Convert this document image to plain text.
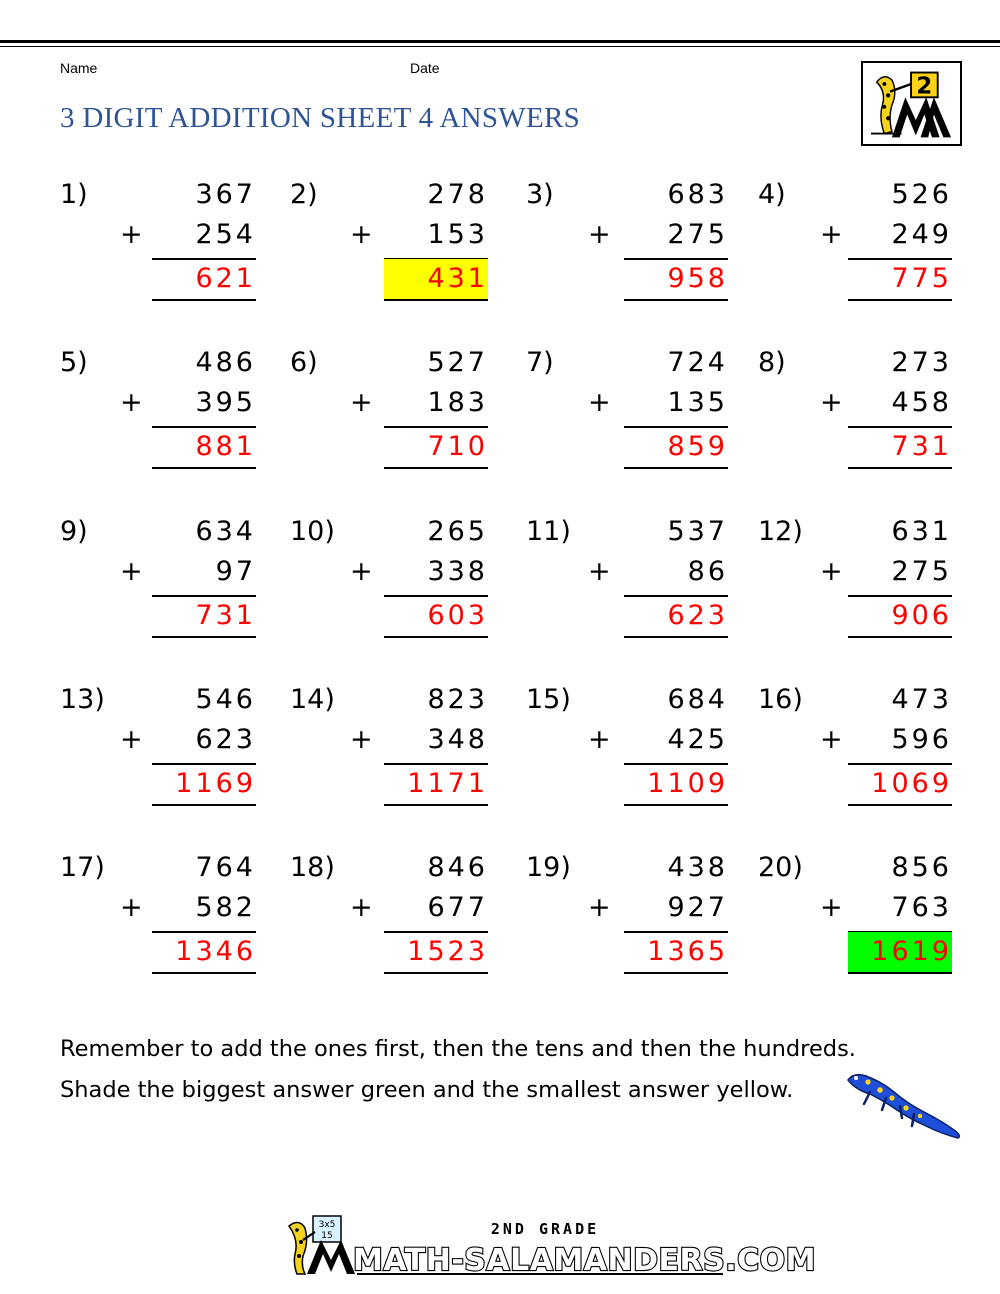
Name	Date
3 DIGIT ADDITION SHEET 4 ANSWERS
2
1)	367
+	254
621
2)	278
+	153
431
3)	683
+	275
958
4)	526
+	249
775
5)	486
+	395
881
6)	527
+	183
710
7)	724
+	135
859
8)	273
+	458
731
9)	634
+	97
731
10)	265
+	338
603
11)	537
+	86
623
12)	631
+	275
906
13)	546
+	623
1169
14)	823
+	348
1171
15)	684
+	425
1109
16)	473
+	596
1069
17)	764
+	582
1346
18)	846
+	677
1523
19)	438
+	927
1365
20)	856
+	763
1619

Remember to add the ones first, then the tens and then the hundreds.

Shade the biggest answer green and the smallest answer yellow.

3x5
15	2ND GRADE
MATH-SALAMANDERS.COM
